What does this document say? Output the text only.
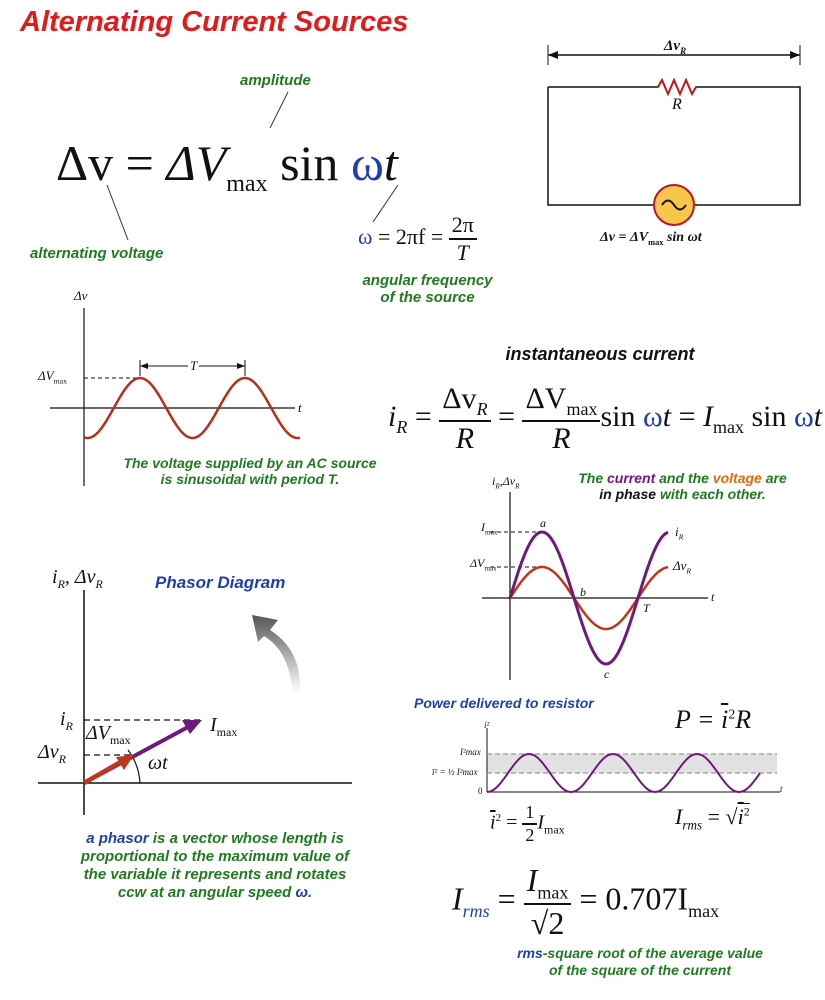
Alternating Current Sources
amplitude
$\Delta v = \Delta V_{max}$ sin ωt
alternating voltage
$\omega = 2\pi f = \frac{2\pi}{T}$
angular frequency
of the source
$\Delta v_R$
R
$\Delta v = \Delta V_{max}$ sin ωt
Δv
$\Delta V_{max}$
T
t
The voltage supplied by an AC source
is sinusoidal with period T.
instantaneous current
$i_R = \frac{\Delta v_R}{R} = \frac{\Delta V_{max}}{R}$ $\sin \omega t = I_{max}$ sin ωt
The current and the voltage are
in phase with each other.
$i_R,\Delta v_R$
$I_{max}$
$\Delta V_{max}$
a
b
c
T
t
$i_R$
$\Delta v_R$
Phasor Diagram
$i_R$, $\Delta v_R$
$i_R$
$\Delta v_R$
$\Delta V_{max}$
$I_{max}$
ωt
a phasor is a vector whose length is
proportional to the maximum value of
the variable it represents and rotates
ccw at an angular speed ω.
Power delivered to resistor
$P = \overline{i}^2R$
i²
I²max
ī² = ½ I²max
0	t
$\overline{i}^2 = \frac{1}{2} I_{max}$
$I_{rms} = √i^2$
$I_{rms} = \frac{I_{max}}{√2} = 0.707I_{max}$
rms-square root of the average value
of the square of the current
